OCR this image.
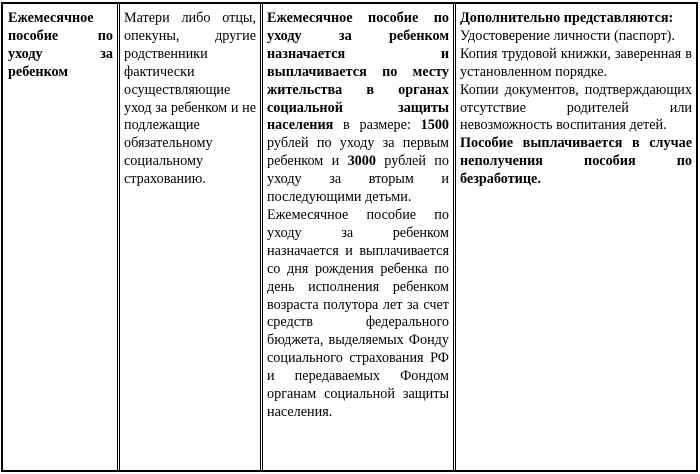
Ежемесячное пособие по уходу за ребенком
Матери либо отцы, опекуны, другие родственники фактически осуществляющие уход за ребенком и не подлежащие обязательному социальному страхованию.
Ежемесячное пособие по уходу за ребенком назначается и выплачивается по месту жительства в органах социальной защиты населения в размере: 1500 рублей по уходу за первым ребенком и 3000 рублей по уходу за вторым и последующими детьми.
Ежемесячное пособие по уходу за ребенком назначается и выплачивается со дня рождения ребенка по день исполнения ребенком возраста полутора лет за счет средств федерального бюджета, выделяемых Фонду социального страхования РФ и передаваемых Фондом органам социальной защиты населения.
Дополнительно представляются:
Удостоверение личности (паспорт).
Копия трудовой книжки, заверенная в установленном порядке.
Копии документов, подтверждающих отсутствие родителей или невозможность воспитания детей.
Пособие выплачивается в случае неполучения пособия по безработице.
